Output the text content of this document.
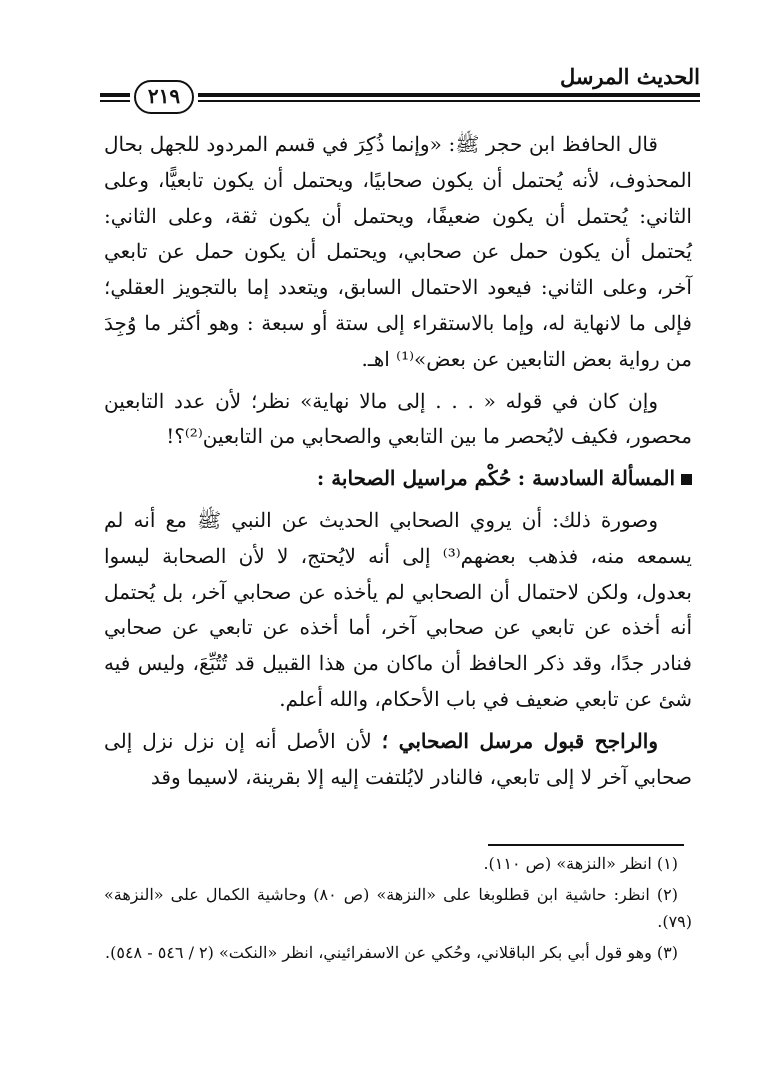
الحديث المرسل
٢١٩

قال الحافظ ابن حجر ﷺ: «وإنما ذُكِرَ في قسم المردود للجهل بحال المحذوف، لأنه يُحتمل أن يكون صحابيًا، ويحتمل أن يكون تابعيًّا، وعلى الثاني: يُحتمل أن يكون ضعيفًا، ويحتمل أن يكون ثقة، وعلى الثاني: يُحتمل أن يكون حمل عن صحابي، ويحتمل أن يكون حمل عن تابعي آخر، وعلى الثاني: فيعود الاحتمال السابق، ويتعدد إما بالتجويز العقلي؛ فإلى ما لانهاية له، وإما بالاستقراء إلى ستة أو سبعة : وهو أكثر ما وُجِدَ من رواية بعض التابعين عن بعض»⁽¹⁾ اهـ.

وإن كان في قوله « . . . إلى مالا نهاية» نظر؛ لأن عدد التابعين محصور، فكيف لايُحصر ما بين التابعي والصحابي من التابعين⁽²⁾؟!

المسألة السادسة : حُكْم مراسيل الصحابة :

وصورة ذلك: أن يروي الصحابي الحديث عن النبي ﷺ مع أنه لم يسمعه منه، فذهب بعضهم⁽³⁾ إلى أنه لايُحتج، لا لأن الصحابة ليسوا بعدول، ولكن لاحتمال أن الصحابي لم يأخذه عن صحابي آخر، بل يُحتمل أنه أخذه عن تابعي عن صحابي آخر، أما أخذه عن تابعي عن صحابي فنادر جدًا، وقد ذكر الحافظ أن ماكان من هذا القبيل قد تُتُبِّعَ، وليس فيه شئ عن تابعي ضعيف في باب الأحكام، والله أعلم.

والراجح قبول مرسل الصحابي ؛ لأن الأصل أنه إن نزل نزل إلى صحابي آخر لا إلى تابعي، فالنادر لايُلتفت إليه إلا بقرينة، لاسيما وقد

(١) انظر «النزهة» (ص ١١٠).

(٢) انظر: حاشية ابن قطلوبغا على «النزهة» (ص ٨٠) وحاشية الكمال على «النزهة» (٧٩).

(٣) وهو قول أبي بكر الباقلاني، وحُكي عن الاسفرائيني، انظر «النكت» (٢ / ٥٤٦ - ٥٤٨).
